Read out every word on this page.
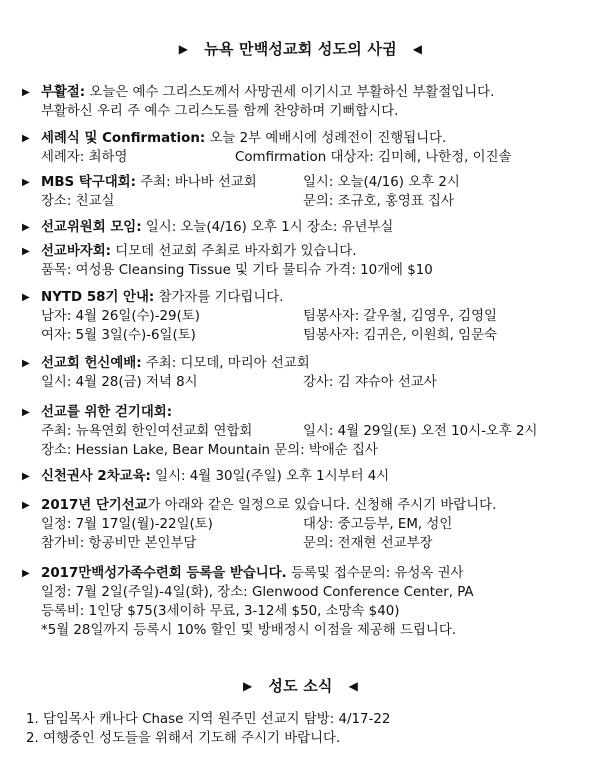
▶ 뉴욕 만백성교회 성도의 사귐 ◀
▶ 부활절: 오늘은 예수 그리스도께서 사망권세 이기시고 부활하신 부활절입니다.
부활하신 우리 주 예수 그리스도를 함께 찬양하며 기뻐합시다.
▶ 세례식 및 Confirmation: 오늘 2부 예배시에 성례전이 진행됩니다.
세례자: 최하영	Comfirmation 대상자: 김미혜, 나한정, 이진솔
▶ MBS 탁구대회: 주최: 바나바 선교회	일시: 오늘(4/16) 오후 2시
장소: 친교실	문의: 조규호, 홍영표 집사
▶ 선교위원회 모임: 일시: 오늘(4/16) 오후 1시 장소: 유년부실
▶ 선교바자회: 디모데 선교회 주최로 바자회가 있습니다.
품목: 여성용 Cleansing Tissue 및 기타 물티슈 가격: 10개에 $10
▶ NYTD 58기 안내: 참가자를 기다립니다.
남자: 4월 26일(수)-29(토)	팀봉사자: 갈우철, 김영우, 김영일
여자: 5월 3일(수)-6일(토)	팀봉사자: 김귀은, 이원희, 임문숙
▶ 선교회 헌신예배: 주최: 디모데, 마리아 선교회
일시: 4월 28(금) 저녁 8시	강사: 김 쟈슈아 선교사
▶ 선교를 위한 걷기대회:
주최: 뉴욕연회 한인여선교회 연합회	일시: 4월 29일(토) 오전 10시-오후 2시
장소: Hessian Lake, Bear Mountain 문의: 박애순 집사
▶ 신천권사 2차교육: 일시: 4월 30일(주일) 오후 1시부터 4시
▶ 2017년 단기선교가 아래와 같은 일정으로 있습니다. 신청해 주시기 바랍니다.
일정: 7월 17일(월)-22일(토)	대상: 중고등부, EM, 성인
참가비: 항공비만 본인부담	문의: 전재현 선교부장
▶ 2017만백성가족수련회 등록을 받습니다. 등록및 접수문의: 유성옥 권사
일정: 7월 2일(주일)-4일(화), 장소: Glenwood Conference Center, PA
등록비: 1인당 $75(3세이하 무료, 3-12세 $50, 소망속 $40)
*5월 28일까지 등록시 10% 할인 및 방배정시 이점을 제공해 드립니다.
▶ 성도 소식 ◀
1. 담임목사 캐나다 Chase 지역 원주민 선교지 탐방: 4/17-22
2. 여행중인 성도들을 위해서 기도해 주시기 바랍니다.
